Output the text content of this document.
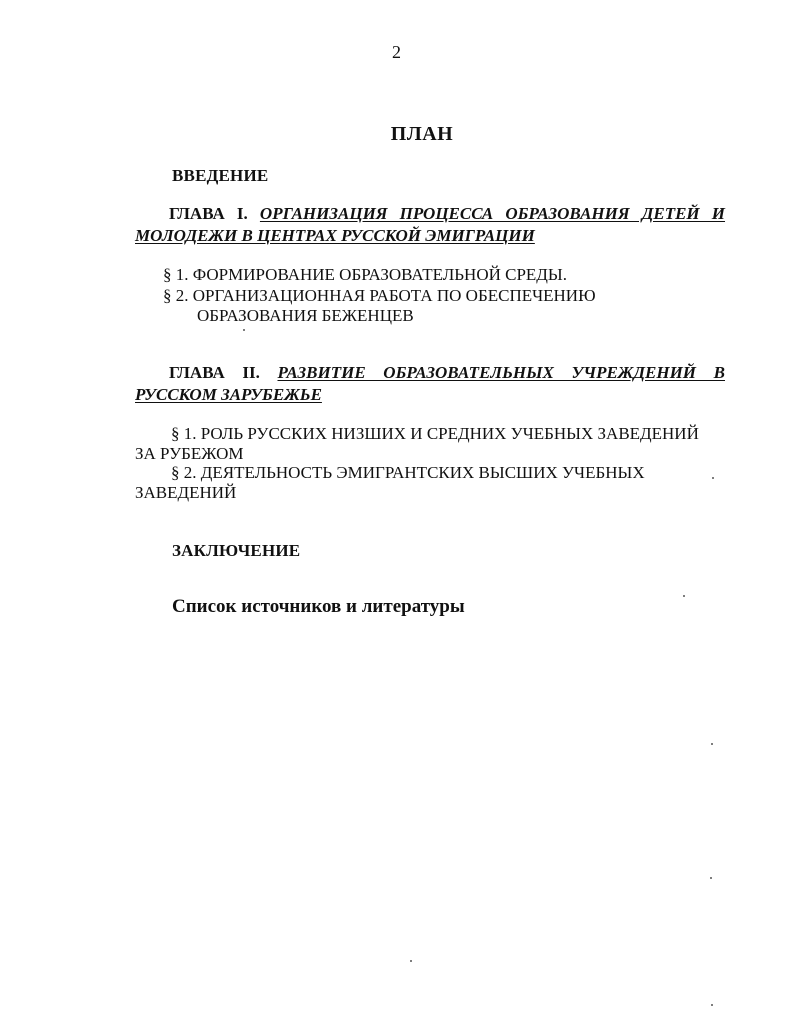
2
ПЛАН
ВВЕДЕНИЕ
ГЛАВА I. ОРГАНИЗАЦИЯ ПРОЦЕССА ОБРАЗОВАНИЯ ДЕТЕЙ И
МОЛОДЕЖИ В ЦЕНТРАХ РУССКОЙ ЭМИГРАЦИИ
§ 1. ФОРМИРОВАНИЕ ОБРАЗОВАТЕЛЬНОЙ СРЕДЫ.
§ 2. ОРГАНИЗАЦИОННАЯ РАБОТА ПО ОБЕСПЕЧЕНИЮ
ОБРАЗОВАНИЯ БЕЖЕНЦЕВ
ГЛАВА II. РАЗВИТИЕ ОБРАЗОВАТЕЛЬНЫХ УЧРЕЖДЕНИЙ В
РУССКОМ ЗАРУБЕЖЬЕ
§ 1. РОЛЬ РУССКИХ НИЗШИХ И СРЕДНИХ УЧЕБНЫХ ЗАВЕДЕНИЙ
ЗА РУБЕЖОМ
§ 2. ДЕЯТЕЛЬНОСТЬ ЭМИГРАНТСКИХ ВЫСШИХ УЧЕБНЫХ
ЗАВЕДЕНИЙ
ЗАКЛЮЧЕНИЕ
Список источников и литературы
